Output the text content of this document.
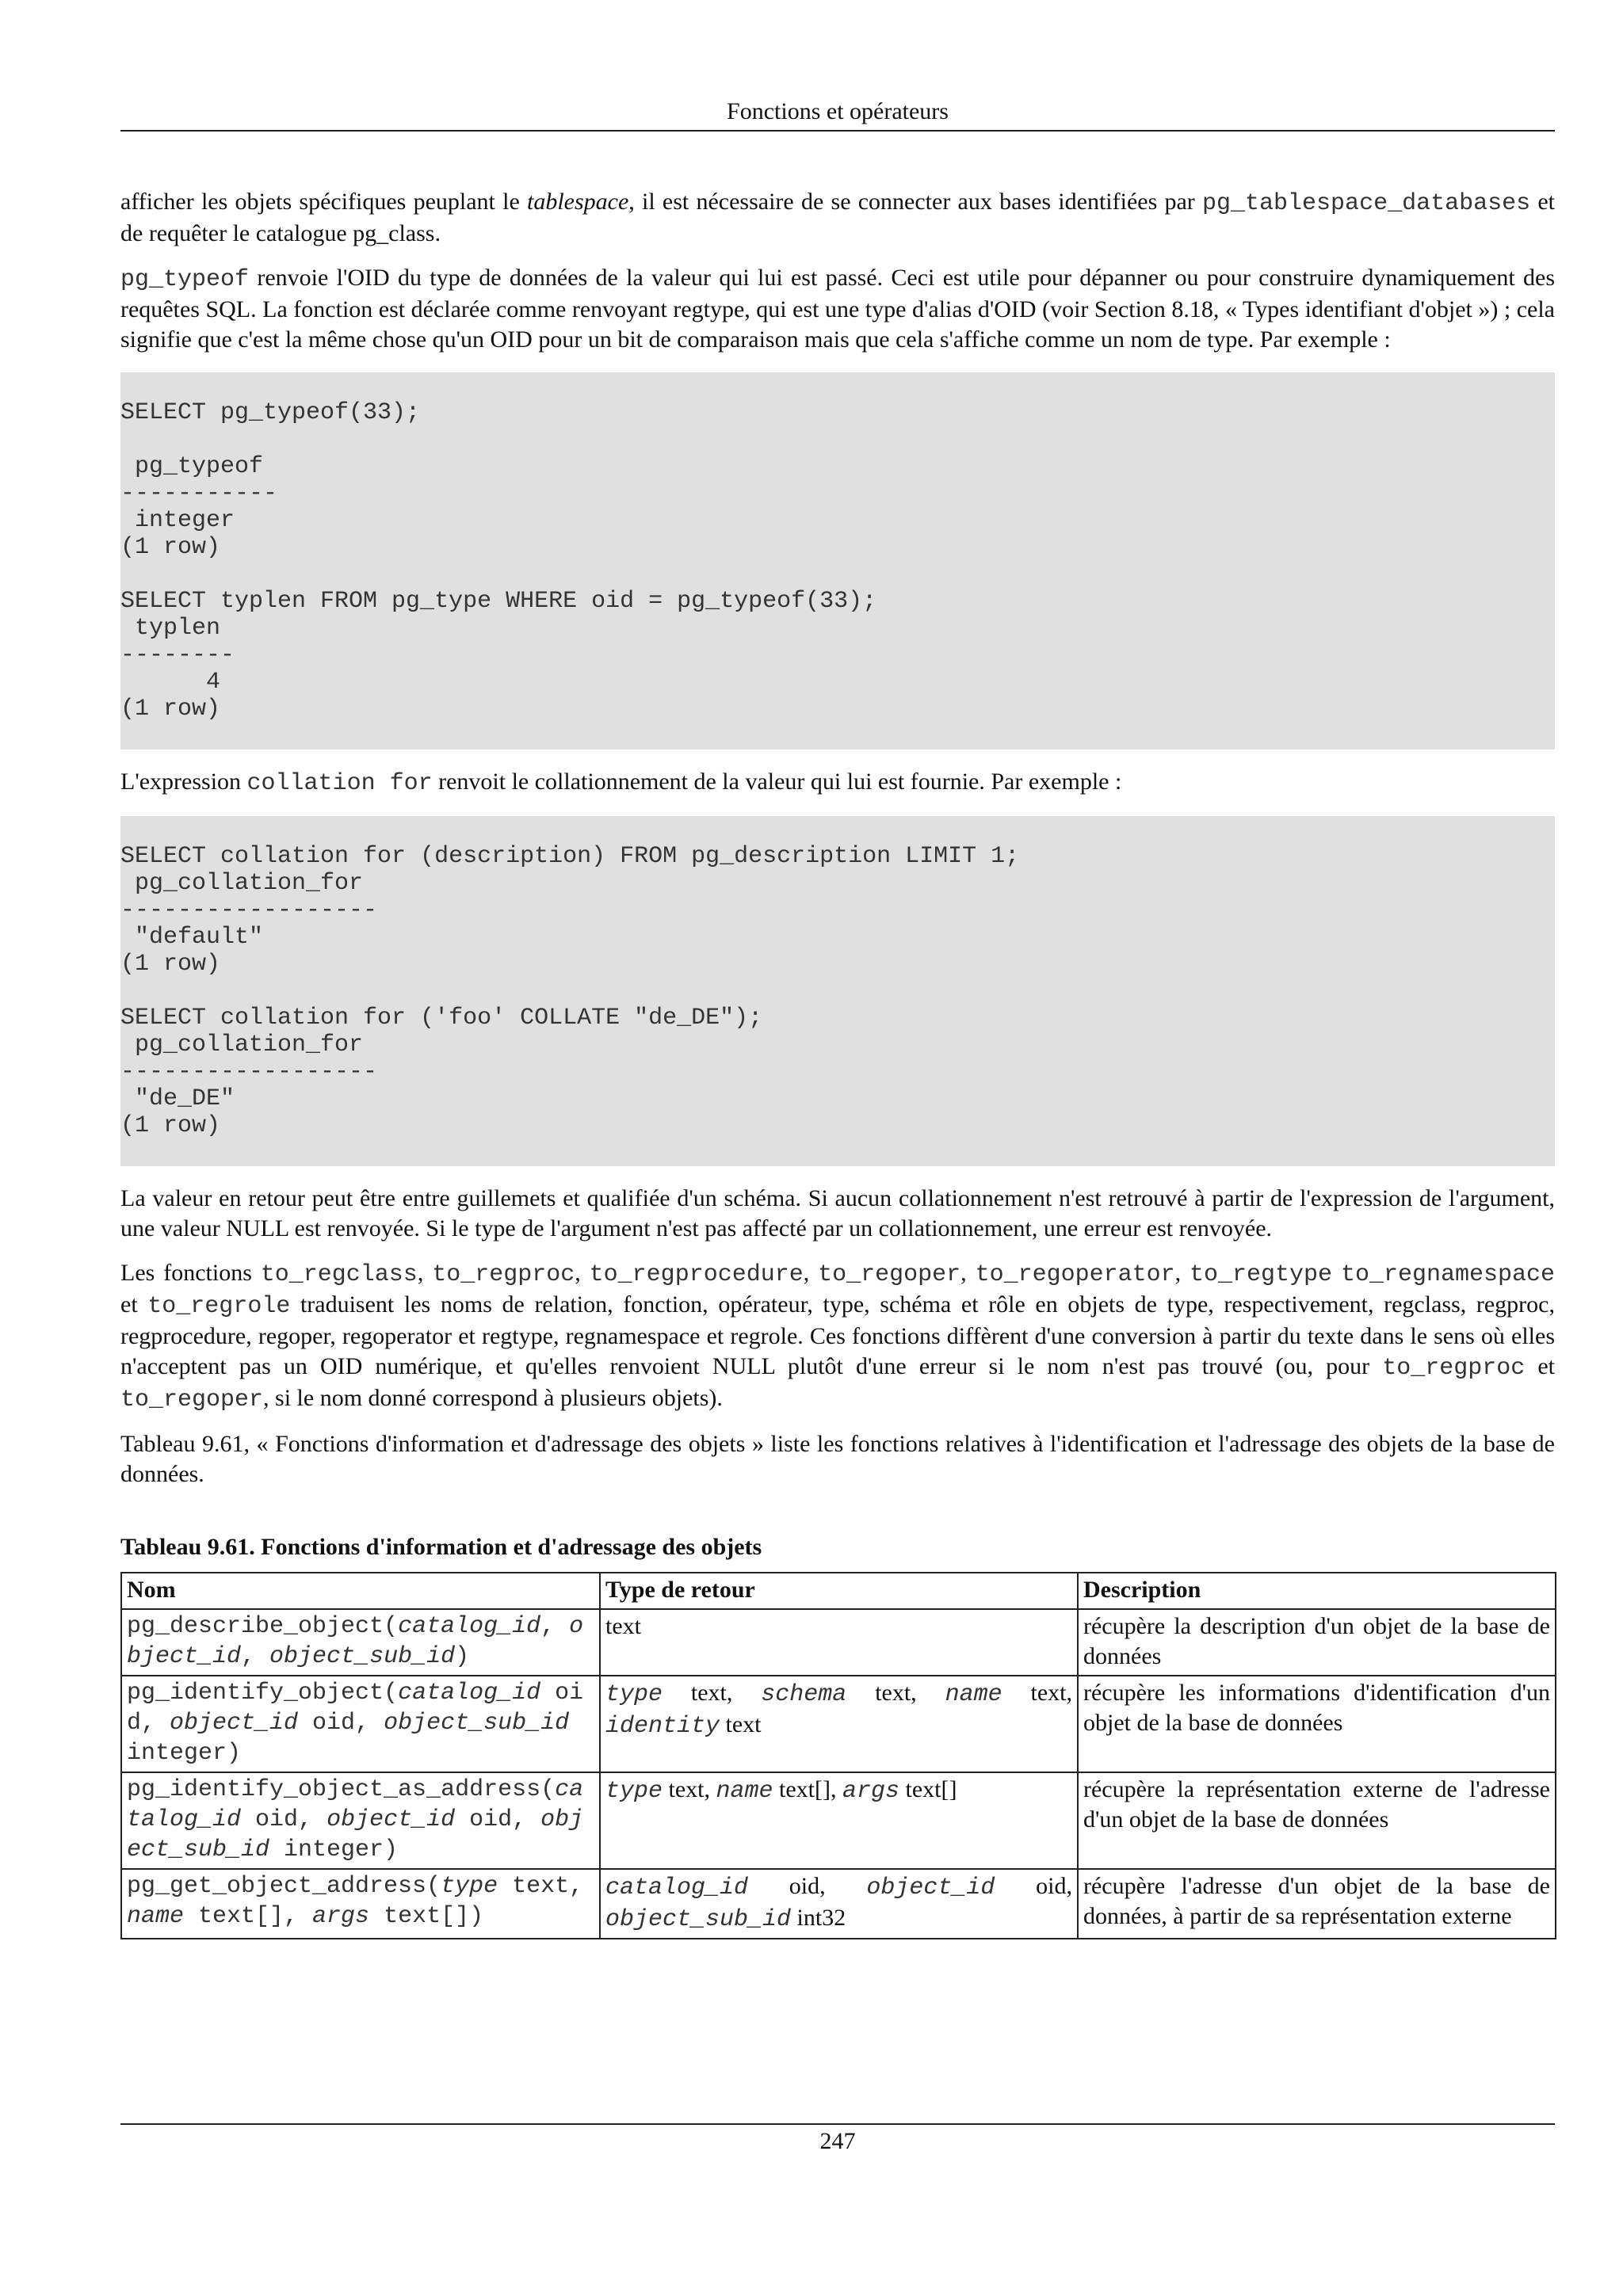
Fonctions et opérateurs

afficher les objets spécifiques peuplant le tablespace, il est nécessaire de se connecter aux bases identifiées par pg_tablespace_databases et de requêter le catalogue pg_class.

pg_typeof renvoie l'OID du type de données de la valeur qui lui est passé. Ceci est utile pour dépanner ou pour construire dynamiquement des requêtes SQL. La fonction est déclarée comme renvoyant regtype, qui est une type d'alias d'OID (voir Section 8.18, « Types identifiant d'objet ») ; cela signifie que c'est la même chose qu'un OID pour un bit de comparaison mais que cela s'affiche comme un nom de type. Par exemple :

SELECT pg_typeof(33);

pg_typeof
-----------
integer
(1 row)

SELECT typlen FROM pg_type WHERE oid = pg_typeof(33);
typlen
--------
4
(1 row)

L'expression collation for renvoit le collationnement de la valeur qui lui est fournie. Par exemple :

SELECT collation for (description) FROM pg_description LIMIT 1;
pg_collation_for
------------------
"default"
(1 row)

SELECT collation for ('foo' COLLATE "de_DE");
pg_collation_for
------------------
"de_DE"
(1 row)

La valeur en retour peut être entre guillemets et qualifiée d'un schéma. Si aucun collationnement n'est retrouvé à partir de l'expression de l'argument, une valeur NULL est renvoyée. Si le type de l'argument n'est pas affecté par un collationnement, une erreur est renvoyée.

Les fonctions to_regclass, to_regproc, to_regprocedure, to_regoper, to_regoperator, to_regtype to_regnamespace et to_regrole traduisent les noms de relation, fonction, opérateur, type, schéma et rôle en objets de type, respectivement, regclass, regproc, regprocedure, regoper, regoperator et regtype, regnamespace et regrole. Ces fonctions diffèrent d'une conversion à partir du texte dans le sens où elles n'acceptent pas un OID numérique, et qu'elles renvoient NULL plutôt d'une erreur si le nom n'est pas trouvé (ou, pour to_regproc et to_regoper, si le nom donné correspond à plusieurs objets).

Tableau 9.61, « Fonctions d'information et d'adressage des objets » liste les fonctions relatives à l'identification et l'adressage des objets de la base de données.

Tableau 9.61. Fonctions d'information et d'adressage des objets
Nom	Type de retour	Description
pg_describe_object(catalog_id, object_id, object_sub_id)	text	récupère la description d'un objet de la base de données
pg_identify_object(catalog_id oid, object_id oid, object_sub_id integer)	type text, schema text, name text, identity text	récupère les informations d'identification d'un objet de la base de données
pg_identify_object_as_address(catalog_id oid, object_id oid, object_sub_id integer)	type text, name text[], args text[]	récupère la représentation externe de l'adresse d'un objet de la base de données
pg_get_object_address(type text, name text[], args text[])	catalog_id oid, object_id oid, object_sub_id int32	récupère l'adresse d'un objet de la base de données, à partir de sa représentation externe
247
